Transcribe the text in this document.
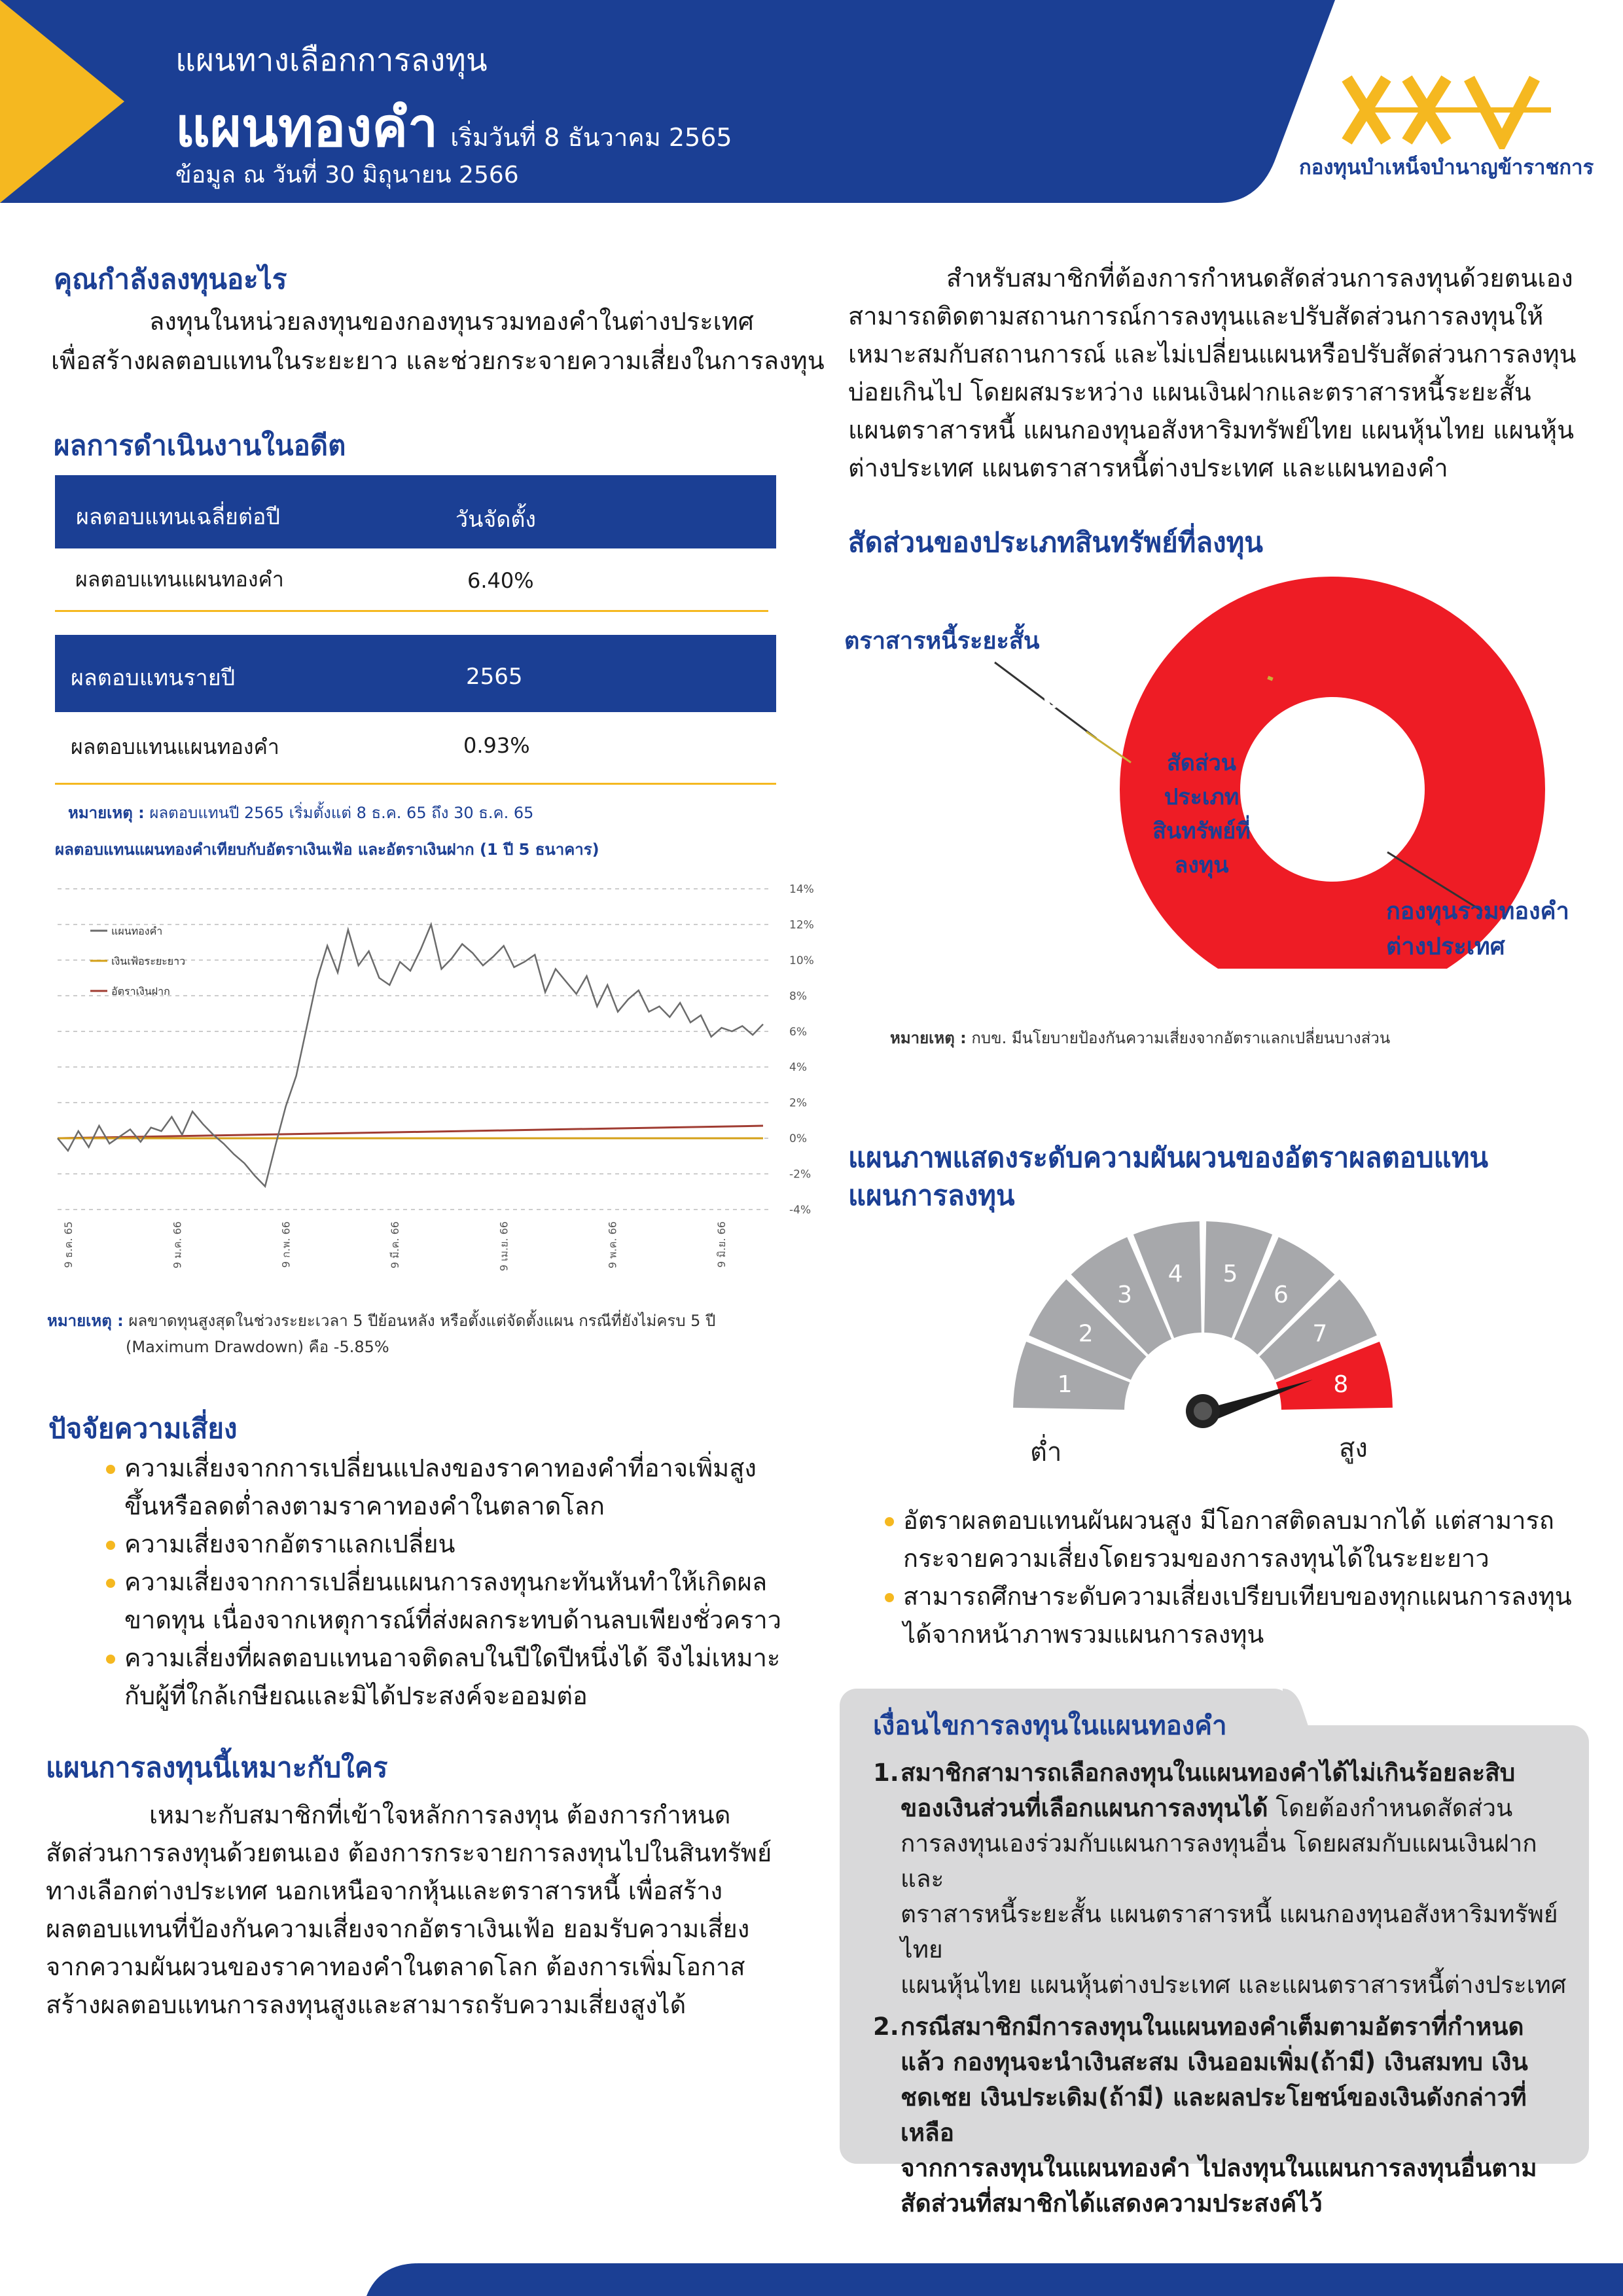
แผนทางเลือกการลงทุน
แผนทองคำ เริ่มวันที่ 8 ธันวาคม 2565
ข้อมูล ณ วันที่ 30 มิถุนายน 2566	กองทุนบำเหน็จบำนาญข้าราชการ
คุณกำลังลงทุนอะไร
ลงทุนในหน่วยลงทุนของกองทุนรวมทองคำในต่างประเทศ
เพื่อสร้างผลตอบแทนในระยะยาว และช่วยกระจายความเสี่ยงในการลงทุน
ผลการดำเนินงานในอดีต
ผลตอบแทนเฉลี่ยต่อปี	วันจัดตั้ง
ผลตอบแทนแผนทองคำ	6.40%
ผลตอบแทนรายปี	2565
ผลตอบแทนแผนทองคำ	0.93%
หมายเหตุ : ผลตอบแทนปี 2565 เริ่มตั้งแต่ 8 ธ.ค. 65 ถึง 30 ธ.ค. 65
ผลตอบแทนแผนทองคำเทียบกับอัตราเงินเฟ้อ และอัตราเงินฝาก (1 ปี 5 ธนาคาร)
14%
12%
10%
8%
6%
4%
2%
0%
-2%
-4%
9 ธ.ค. 65	9 ม.ค. 66	9 ก.พ. 66	9 มี.ค. 66	9 เม.ย. 66	9 พ.ค. 66	9 มิ.ย. 66
แผนทองคำ
เงินเฟ้อระยะยาว
อัตราเงินฝาก
หมายเหตุ : ผลขาดทุนสูงสุดในช่วงระยะเวลา 5 ปีย้อนหลัง หรือตั้งแต่จัดตั้งแผน กรณีที่ยังไม่ครบ 5 ปี
(Maximum Drawdown) คือ -5.85%
ปัจจัยความเสี่ยง
ความเสี่ยงจากการเปลี่ยนแปลงของราคาทองคำที่อาจเพิ่มสูง
ขึ้นหรือลดต่ำลงตามราคาทองคำในตลาดโลก
ความเสี่ยงจากอัตราแลกเปลี่ยน
ความเสี่ยงจากการเปลี่ยนแผนการลงทุนกะทันหันทำให้เกิดผล
ขาดทุน เนื่องจากเหตุการณ์ที่ส่งผลกระทบด้านลบเพียงชั่วคราว
ความเสี่ยงที่ผลตอบแทนอาจติดลบในปีใดปีหนึ่งได้ จึงไม่เหมาะ
กับผู้ที่ใกล้เกษียณและมิได้ประสงค์จะออมต่อ
แผนการลงทุนนี้เหมาะกับใคร
เหมาะกับสมาชิกที่เข้าใจหลักการลงทุน ต้องการกำหนด
สัดส่วนการลงทุนด้วยตนเอง ต้องการกระจายการลงทุนไปในสินทรัพย์
ทางเลือกต่างประเทศ นอกเหนือจากหุ้นและตราสารหนี้ เพื่อสร้าง
ผลตอบแทนที่ป้องกันความเสี่ยงจากอัตราเงินเฟ้อ ยอมรับความเสี่ยง
จากความผันผวนของราคาทองคำในตลาดโลก ต้องการเพิ่มโอกาส
สร้างผลตอบแทนการลงทุนสูงและสามารถรับความเสี่ยงสูงได้
สำหรับสมาชิกที่ต้องการกำหนดสัดส่วนการลงทุนด้วยตนเอง
สามารถติดตามสถานการณ์การลงทุนและปรับสัดส่วนการลงทุนให้
เหมาะสมกับสถานการณ์ และไม่เปลี่ยนแผนหรือปรับสัดส่วนการลงทุน
บ่อยเกินไป โดยผสมระหว่าง แผนเงินฝากและตราสารหนี้ระยะสั้น
แผนตราสารหนี้ แผนกองทุนอสังหาริมทรัพย์ไทย แผนหุ้นไทย แผนหุ้น
ต่างประเทศ แผนตราสารหนี้ต่างประเทศ และแผนทองคำ
สัดส่วนของประเภทสินทรัพย์ที่ลงทุน
ตราสารหนี้ระยะสั้น
0.01%
99.99%
สัดส่วนประเภท
สินทรัพย์ที่ลงทุน
กองทุนรวมทองคำ
ต่างประเทศ
หมายเหตุ : กบข. มีนโยบายป้องกันความเสี่ยงจากอัตราแลกเปลี่ยนบางส่วน
แผนภาพแสดงระดับความผันผวนของอัตราผลตอบแทน
แผนการลงทุน
1
2
3
4 5
6
7
8
ต่ำ	สูง
อัตราผลตอบแทนผันผวนสูง มีโอกาสติดลบมากได้ แต่สามารถ
กระจายความเสี่ยงโดยรวมของการลงทุนได้ในระยะยาว
สามารถศึกษาระดับความเสี่ยงเปรียบเทียบของทุกแผนการลงทุน
ได้จากหน้าภาพรวมแผนการลงทุน
เงื่อนไขการลงทุนในแผนทองคำ
1. สมาชิกสามารถเลือกลงทุนในแผนทองคำได้ไม่เกินร้อยละสิบ
ของเงินส่วนที่เลือกแผนการลงทุนได้ โดยต้องกำหนดสัดส่วน
การลงทุนเองร่วมกับแผนการลงทุนอื่น โดยผสมกับแผนเงินฝากและ
ตราสารหนี้ระยะสั้น แผนตราสารหนี้ แผนกองทุนอสังหาริมทรัพย์ไทย
แผนหุ้นไทย แผนหุ้นต่างประเทศ และแผนตราสารหนี้ต่างประเทศ
2. กรณีสมาชิกมีการลงทุนในแผนทองคำเต็มตามอัตราที่กำหนด
แล้ว กองทุนจะนำเงินสะสม เงินออมเพิ่ม(ถ้ามี) เงินสมทบ เงิน
ชดเชย เงินประเดิม(ถ้ามี) และผลประโยชน์ของเงินดังกล่าวที่เหลือ
จากการลงทุนในแผนทองคำ ไปลงทุนในแผนการลงทุนอื่นตาม
สัดส่วนที่สมาชิกได้แสดงความประสงค์ไว้
